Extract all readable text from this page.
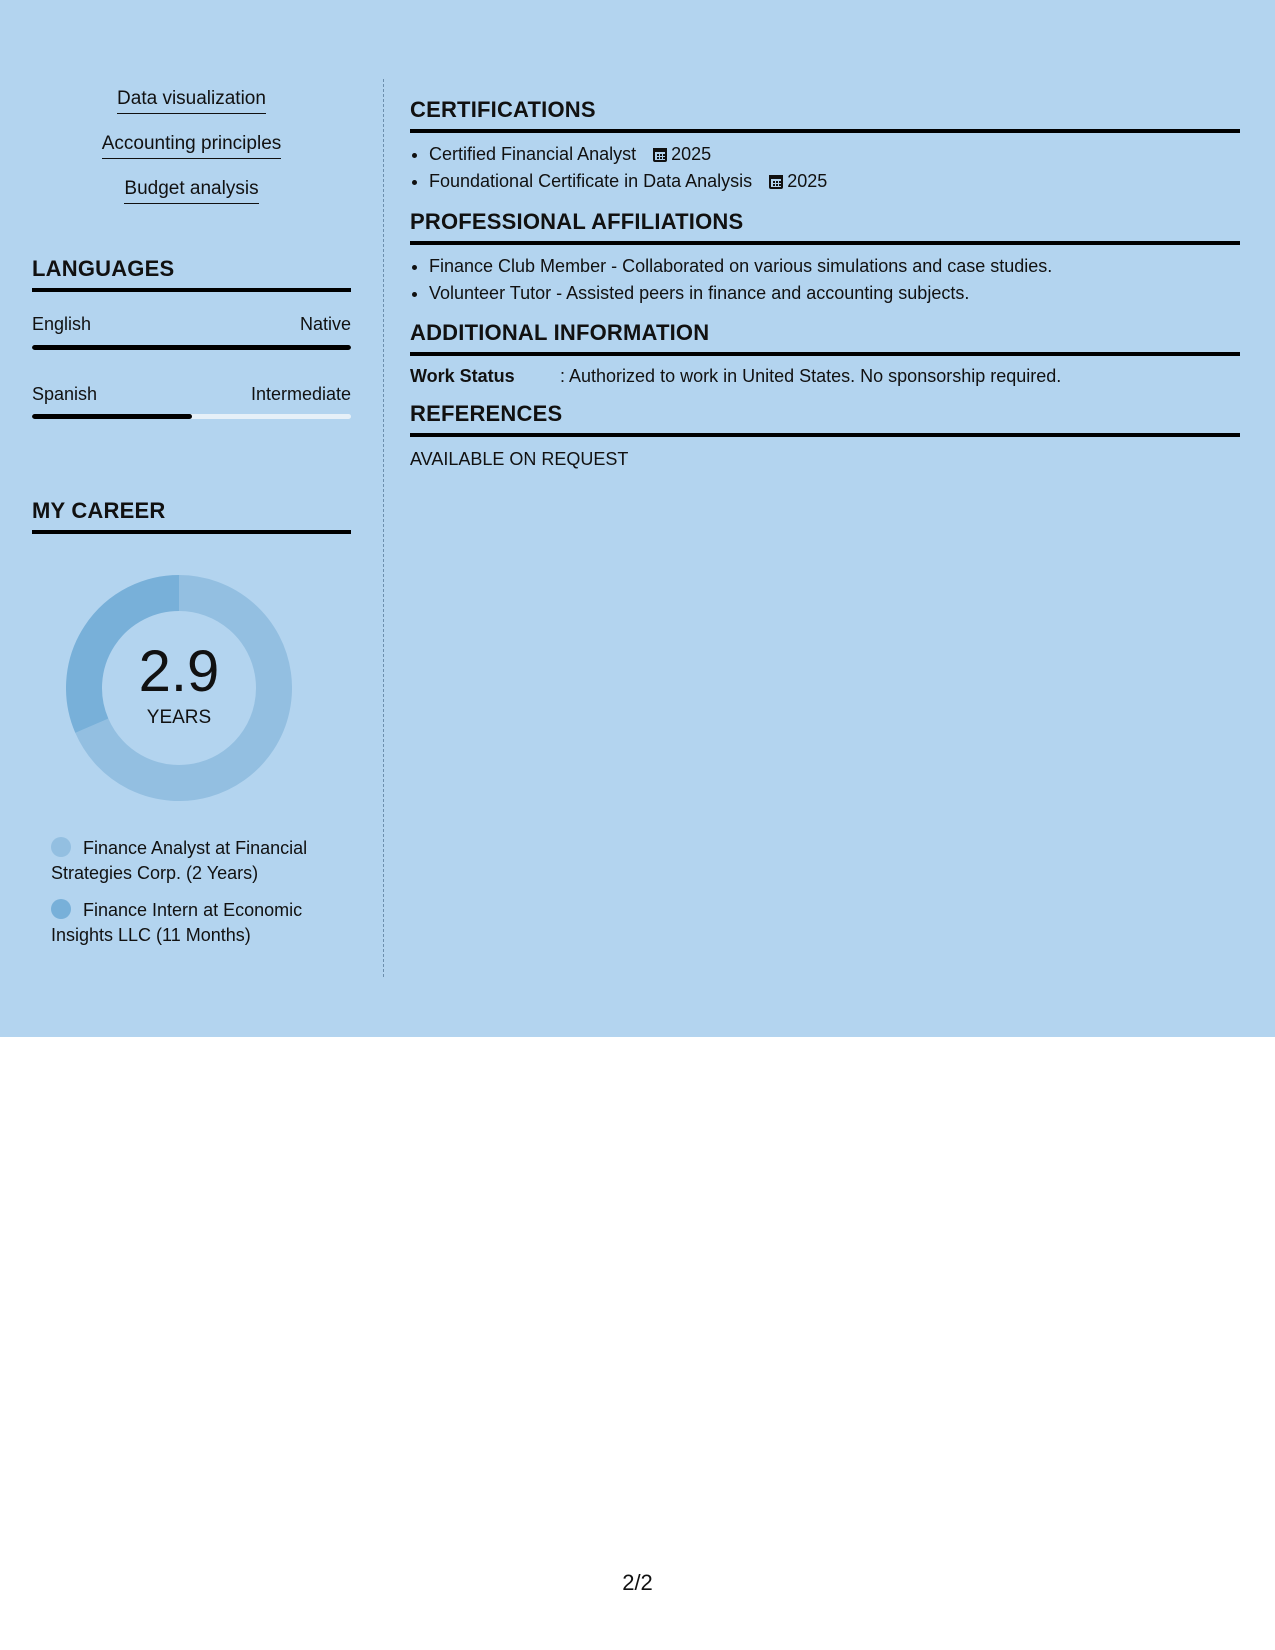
Data visualization
Accounting principles
Budget analysis
LANGUAGES
English	Native
Spanish	Intermediate
MY CAREER
2.9
YEARS
Finance Analyst at Financial Strategies Corp. (2 Years)
Finance Intern at Economic Insights LLC (11 Months)
CERTIFICATIONS
• Certified Financial Analyst 2025
• Foundational Certificate in Data Analysis 2025
PROFESSIONAL AFFILIATIONS
• Finance Club Member - Collaborated on various simulations and case studies.
• Volunteer Tutor - Assisted peers in finance and accounting subjects.
ADDITIONAL INFORMATION
Work Status	: Authorized to work in United States. No sponsorship required.
REFERENCES
AVAILABLE ON REQUEST
2/2
